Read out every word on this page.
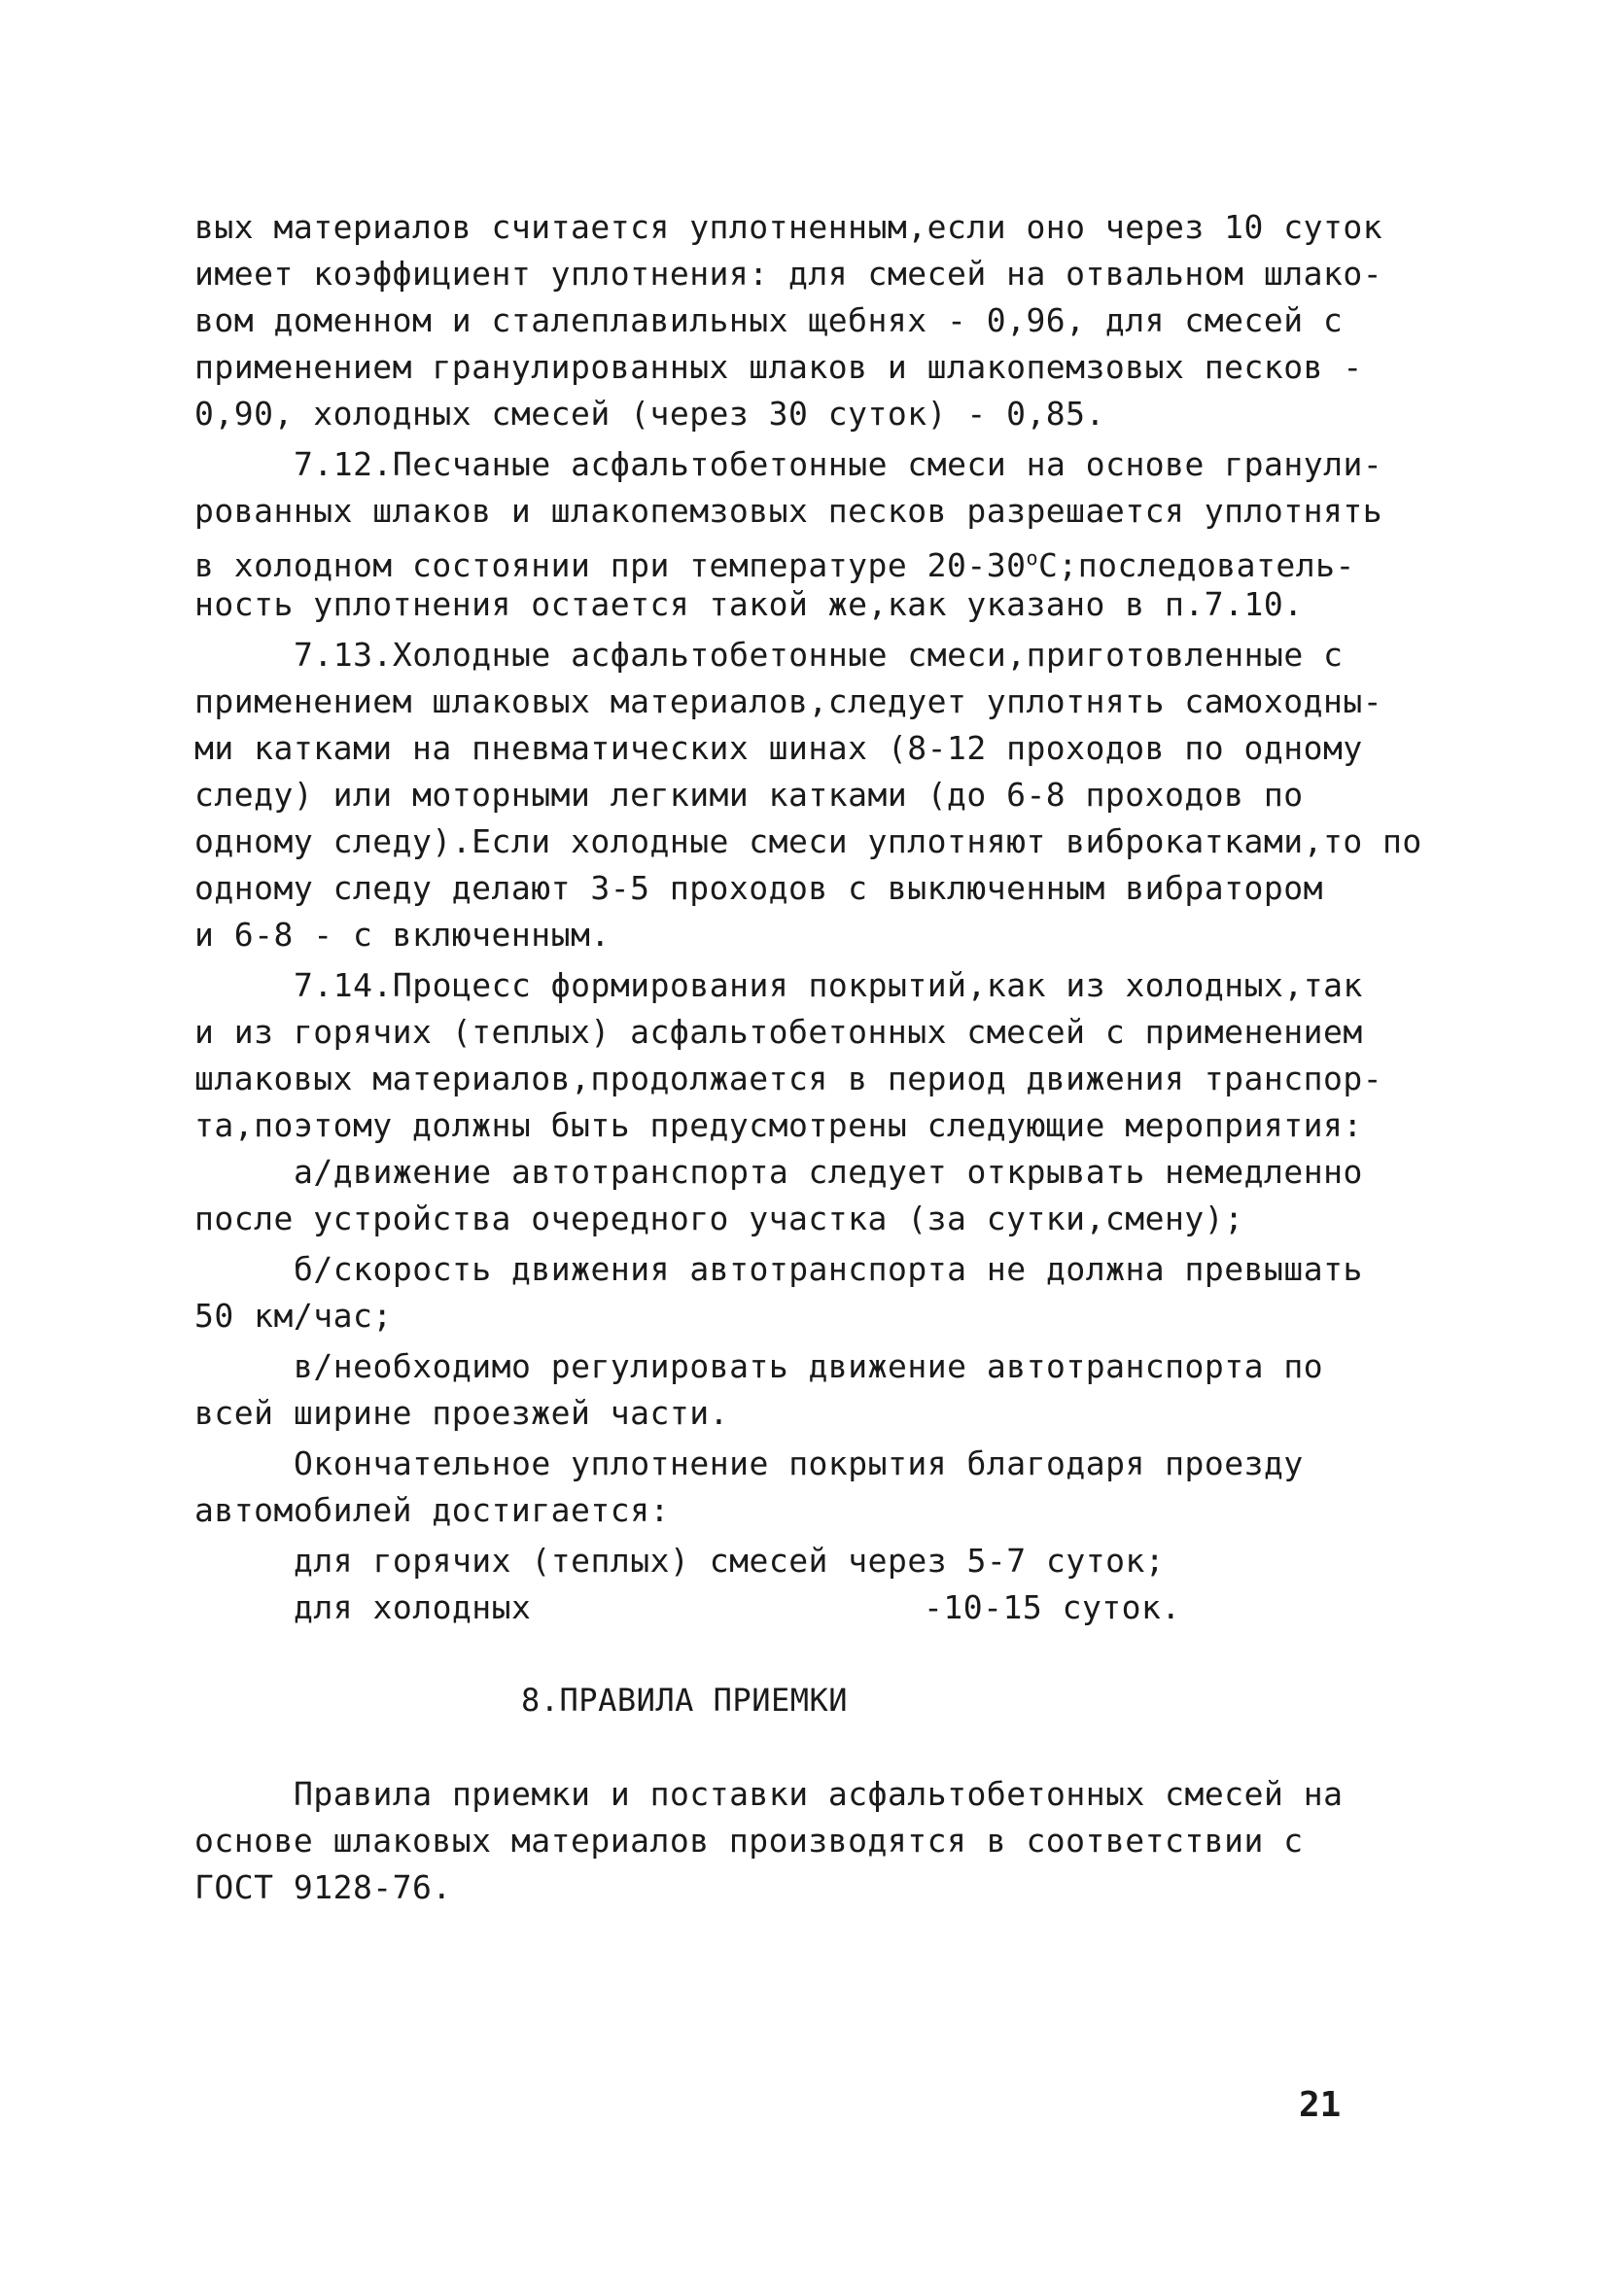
вых материалов считается уплотненным,если оно через 10 суток

имеет коэффициент уплотнения: для смесей на отвальном шлако-

вом доменном и сталеплавильных щебнях - 0,96, для смесей с

применением гранулированных шлаков и шлакопемзовых песков -

0,90, холодных смесей (через 30 суток) - 0,85.

7.12.Песчаные асфальтобетонные смеси на основе гранули-

рованных шлаков и шлакопемзовых песков разрешается уплотнять

в холодном состоянии при температуре $20-30^оС;последователь-$

ность уплотнения остается такой же,как указано в п.7.10.

7.13.Холодные асфальтобетонные смеси,приготовленные с

применением шлаковых материалов,следует уплотнять самоходны-

ми катками на пневматических шинах (8-12 проходов по одному

следу) или моторными легкими катками (до 6-8 проходов по

одному следу).Если холодные смеси уплотняют виброкатками,то по

одному следу делают 3-5 проходов с выключенным вибратором

и 6-8 - с включенным.

7.14.Процесс формирования покрытий,как из холодных,так

и из горячих (теплых) асфальтобетонных смесей с применением

шлаковых материалов,продолжается в период движения транспор-

та,поэтому должны быть предусмотрены следующие мероприятия:

а/движение автотранспорта следует открывать немедленно

после устройства очередного участка (за сутки,смену);

б/скорость движения автотранспорта не должна превышать

50 км/час;

в/необходимо регулировать движение автотранспорта по

всей ширине проезжей части.

Окончательное уплотнение покрытия благодаря проезду

автомобилей достигается:

для горячих (теплых) смесей через 5-7 суток;

для холодных	-10-15 суток.

8.ПРАВИЛА ПРИЕМКИ

Правила приемки и поставки асфальтобетонных смесей на

основе шлаковых материалов производятся в соответствии с

ГОСТ 9128-76.

21
